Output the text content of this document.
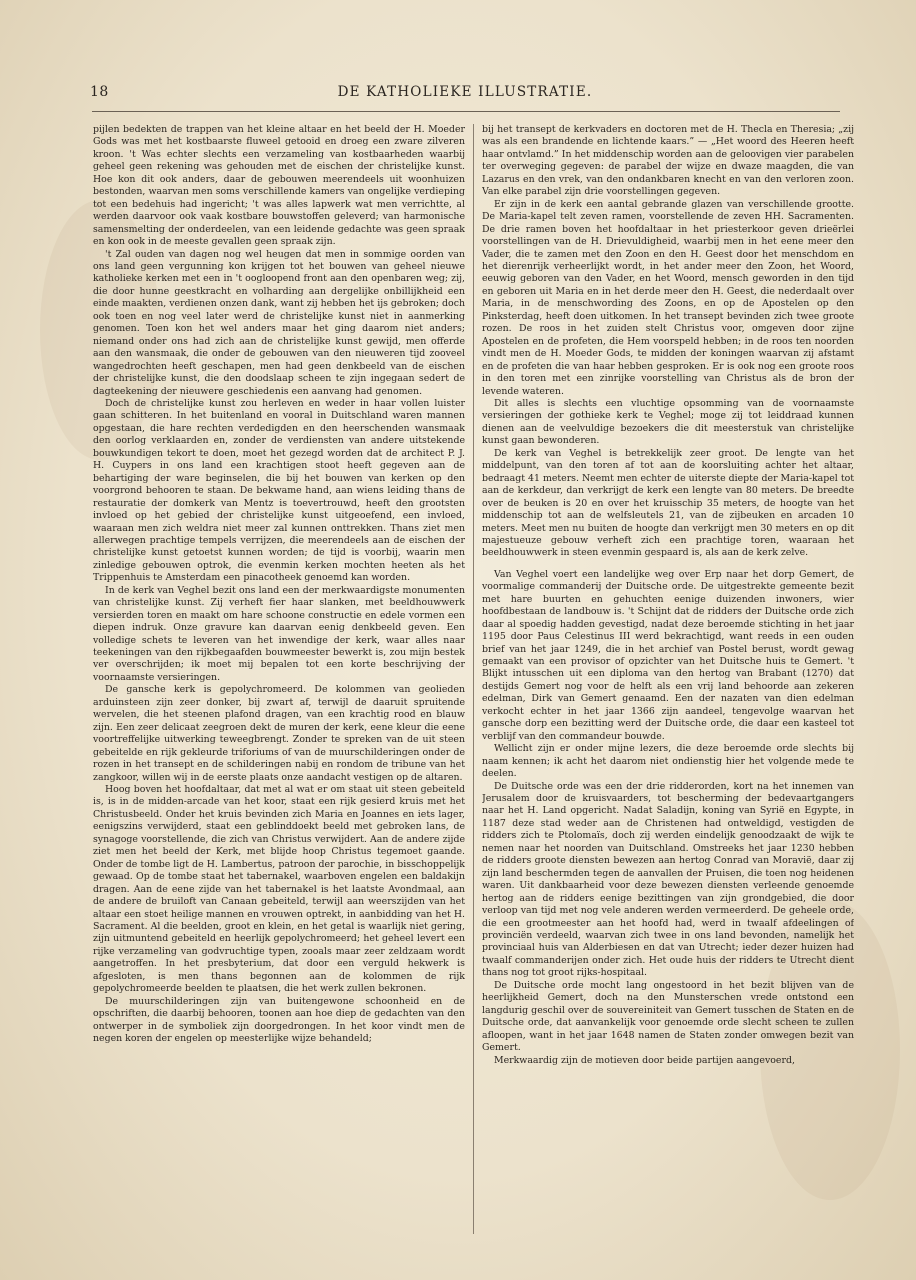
18	DE KATHOLIEKE ILLUSTRATIE.

pijlen bedekten de trappen van het kleine altaar en het beeld der H. Moeder Gods was met het kostbaarste fluweel getooid en droeg een zware zilveren kroon. 't Was echter slechts een verzameling van kostbaarheden waarbij geheel geen rekening was gehouden met de eischen der christelijke kunst. Hoe kon dit ook anders, daar de gebouwen meerendeels uit woonhuizen bestonden, waarvan men soms verschillende kamers van ongelijke verdieping tot een bedehuis had ingericht; 't was alles lapwerk wat men verrichtte, al werden daarvoor ook vaak kostbare bouwstoffen geleverd; van harmonische samensmelting der onderdeelen, van een leidende gedachte was geen spraak en kon ook in de meeste gevallen geen spraak zijn.

't Zal ouden van dagen nog wel heugen dat men in sommige oorden van ons land geen vergunning kon krijgen tot het bouwen van geheel nieuwe katholieke kerken met een in 't oogloopend front aan den openbaren weg; zij, die door hunne geestkracht en volharding aan dergelijke onbillijkheid een einde maakten, verdienen onzen dank, want zij hebben het ijs gebroken; doch ook toen en nog veel later werd de christelijke kunst niet in aanmerking genomen. Toen kon het wel anders maar het ging daarom niet anders; niemand onder ons had zich aan de christelijke kunst gewijd, men offerde aan den wansmaak, die onder de gebouwen van den nieuweren tijd zooveel wangedrochten heeft geschapen, men had geen denkbeeld van de eischen der christelijke kunst, die den doodslaap scheen te zijn ingegaan sedert de dagteekening der nieuwere geschiedenis een aanvang had genomen.

Doch de christelijke kunst zou herleven en weder in haar vollen luister gaan schitteren. In het buitenland en vooral in Duitschland waren mannen opgestaan, die hare rechten verdedigden en den heerschenden wansmaak den oorlog verklaarden en, zonder de verdiensten van andere uitstekende bouwkundigen tekort te doen, moet het gezegd worden dat de architect P. J. H. Cuypers in ons land een krachtigen stoot heeft gegeven aan de behartiging der ware beginselen, die bij het bouwen van kerken op den voorgrond behooren te staan. De bekwame hand, aan wiens leiding thans de restauratie der domkerk van Mentz is toevertrouwd, heeft den grootsten invloed op het gebied der christelijke kunst uitgeoefend, een invloed, waaraan men zich weldra niet meer zal kunnen onttrekken. Thans ziet men allerwegen prachtige tempels verrijzen, die meerendeels aan de eischen der christelijke kunst getoetst kunnen worden; de tijd is voorbij, waarin men zinledige gebouwen optrok, die evenmin kerken mochten heeten als het Trippenhuis te Amsterdam een pinacotheek genoemd kan worden.

In de kerk van Veghel bezit ons land een der merkwaardigste monumenten van christelijke kunst. Zij verheft fier haar slanken, met beeldhouwwerk versierden toren en maakt om hare schoone constructie en edele vormen een diepen indruk. Onze gravure kan daarvan eenig denkbeeld geven. Een volledige schets te leveren van het inwendige der kerk, waar alles naar teekeningen van den rijkbegaafden bouwmeester bewerkt is, zou mijn bestek ver overschrijden; ik moet mij bepalen tot een korte beschrijving der voornaamste versieringen.

De gansche kerk is gepolychromeerd. De kolommen van geolieden arduinsteen zijn zeer donker, bij zwart af, terwijl de daaruit spruitende wervelen, die het steenen plafond dragen, van een krachtig rood en blauw zijn. Een zeer delicaat zeegroen dekt de muren der kerk, eene kleur die eene voortreffelijke uitwerking teweegbrengt. Zonder te spreken van de uit steen gebeitelde en rijk gekleurde triforiums of van de muurschilderingen onder de rozen in het transept en de schilderingen nabij en rondom de tribune van het zangkoor, willen wij in de eerste plaats onze aandacht vestigen op de altaren.

Hoog boven het hoofdaltaar, dat met al wat er om staat uit steen gebeiteld is, is in de midden-arcade van het koor, staat een rijk gesierd kruis met het Christusbeeld. Onder het kruis bevinden zich Maria en Joannes en iets lager, eenigszins verwijderd, staat een geblinddoekt beeld met gebroken lans, de synagoge voorstellende, die zich van Christus verwijdert. Aan de andere zijde ziet men het beeld der Kerk, met blijde hoop Christus tegemoet gaande. Onder de tombe ligt de H. Lambertus, patroon der parochie, in bisschoppelijk gewaad. Op de tombe staat het tabernakel, waarboven engelen een baldakijn dragen. Aan de eene zijde van het tabernakel is het laatste Avondmaal, aan de andere de bruiloft van Canaan gebeiteld, terwijl aan weerszijden van het altaar een stoet heilige mannen en vrouwen optrekt, in aanbidding van het H. Sacrament. Al die beelden, groot en klein, en het getal is waarlijk niet gering, zijn uitmuntend gebeiteld en heerlijk gepolychromeerd; het geheel levert een rijke verzameling van godvruchtige typen, zooals maar zeer zeldzaam wordt aangetroffen. In het presbyterium, dat door een verguld hekwerk is afgesloten, is men thans begonnen aan de kolommen de rijk gepolychromeerde beelden te plaatsen, die het werk zullen bekronen.

De muurschilderingen zijn van buitengewone schoonheid en de opschriften, die daarbij behooren, toonen aan hoe diep de gedachten van den ontwerper in de symboliek zijn doorgedrongen. In het koor vindt men de negen koren der engelen op meesterlijke wijze behandeld;

bij het transept de kerkvaders en doctoren met de H. Thecla en Theresia; „zij was als een brandende en lichtende kaars.” — „Het woord des Heeren heeft haar ontvlamd.” In het middenschip worden aan de geloovigen vier parabelen ter overweging gegeven: de parabel der wijze en dwaze maagden, die van Lazarus en den vrek, van den ondankbaren knecht en van den verloren zoon. Van elke parabel zijn drie voorstellingen gegeven.

Er zijn in de kerk een aantal gebrande glazen van verschillende grootte. De Maria-kapel telt zeven ramen, voorstellende de zeven HH. Sacramenten. De drie ramen boven het hoofdaltaar in het priesterkoor geven drieërlei voorstellingen van de H. Drievuldigheid, waarbij men in het eene meer den Vader, die te zamen met den Zoon en den H. Geest door het menschdom en het dierenrijk verheerlijkt wordt, in het ander meer den Zoon, het Woord, eeuwig geboren van den Vader, en het Woord, mensch geworden in den tijd en geboren uit Maria en in het derde meer den H. Geest, die nederdaalt over Maria, in de menschwording des Zoons, en op de Apostelen op den Pinksterdag, heeft doen uitkomen. In het transept bevinden zich twee groote rozen. De roos in het zuiden stelt Christus voor, omgeven door zijne Apostelen en de profeten, die Hem voorspeld hebben; in de roos ten noorden vindt men de H. Moeder Gods, te midden der koningen waarvan zij afstamt en de profeten die van haar hebben gesproken. Er is ook nog een groote roos in den toren met een zinrijke voorstelling van Christus als de bron der levende wateren.

Dit alles is slechts een vluchtige opsomming van de voornaamste versieringen der gothieke kerk te Veghel; moge zij tot leiddraad kunnen dienen aan de veelvuldige bezoekers die dit meesterstuk van christelijke kunst gaan bewonderen.

De kerk van Veghel is betrekkelijk zeer groot. De lengte van het middelpunt, van den toren af tot aan de koorsluiting achter het altaar, bedraagt 41 meters. Neemt men echter de uiterste diepte der Maria-kapel tot aan de kerkdeur, dan verkrijgt de kerk een lengte van 80 meters. De breedte over de beuken is 20 en over het kruisschip 35 meters, de hoogte van het middenschip tot aan de welfsleutels 21, van de zijbeuken en arcaden 10 meters. Meet men nu buiten de hoogte dan verkrijgt men 30 meters en op dit majestueuze gebouw verheft zich een prachtige toren, waaraan het beeldhouwwerk in steen evenmin gespaard is, als aan de kerk zelve.

Van Veghel voert een landelijke weg over Erp naar het dorp Gemert, de voormalige commanderij der Duitsche orde. De uitgestrekte gemeente bezit met hare buurten en gehuchten eenige duizenden inwoners, wier hoofdbestaan de landbouw is. 't Schijnt dat de ridders der Duitsche orde zich daar al spoedig hadden gevestigd, nadat deze beroemde stichting in het jaar 1195 door Paus Celestinus III werd bekrachtigd, want reeds in een ouden brief van het jaar 1249, die in het archief van Postel berust, wordt gewag gemaakt van een provisor of opzichter van het Duitsche huis te Gemert. 't Blijkt intusschen uit een diploma van den hertog van Brabant (1270) dat destijds Gemert nog voor de helft als een vrij land behoorde aan zekeren edelman, Dirk van Gemert genaamd. Een der nazaten van dien edelman verkocht echter in het jaar 1366 zijn aandeel, tengevolge waarvan het gansche dorp een bezitting werd der Duitsche orde, die daar een kasteel tot verblijf van den commandeur bouwde.

Wellicht zijn er onder mijne lezers, die deze beroemde orde slechts bij naam kennen; ik acht het daarom niet ondienstig hier het volgende mede te deelen.

De Duitsche orde was een der drie ridderorden, kort na het innemen van Jerusalem door de kruisvaarders, tot bescherming der bedevaartgangers naar het H. Land opgericht. Nadat Saladijn, koning van Syrië en Egypte, in 1187 deze stad weder aan de Christenen had ontweldigd, vestigden de ridders zich te Ptolomaïs, doch zij werden eindelijk genoodzaakt de wijk te nemen naar het noorden van Duitschland. Omstreeks het jaar 1230 hebben de ridders groote diensten bewezen aan hertog Conrad van Moravië, daar zij zijn land beschermden tegen de aanvallen der Pruisen, die toen nog heidenen waren. Uit dankbaarheid voor deze bewezen diensten verleende genoemde hertog aan de ridders eenige bezittingen van zijn grondgebied, die door verloop van tijd met nog vele anderen werden vermeerderd. De geheele orde, die een grootmeester aan het hoofd had, werd in twaalf afdeelingen of provinciën verdeeld, waarvan zich twee in ons land bevonden, namelijk het provinciaal huis van Alderbiesen en dat van Utrecht; ieder dezer huizen had twaalf commanderijen onder zich. Het oude huis der ridders te Utrecht dient thans nog tot groot rijks-hospitaal.

De Duitsche orde mocht lang ongestoord in het bezit blijven van de heerlijkheid Gemert, doch na den Munsterschen vrede ontstond een langdurig geschil over de souvereiniteit van Gemert tusschen de Staten en de Duitsche orde, dat aanvankelijk voor genoemde orde slecht scheen te zullen afloopen, want in het jaar 1648 namen de Staten zonder omwegen bezit van Gemert.

Merkwaardig zijn de motieven door beide partijen aangevoerd,
